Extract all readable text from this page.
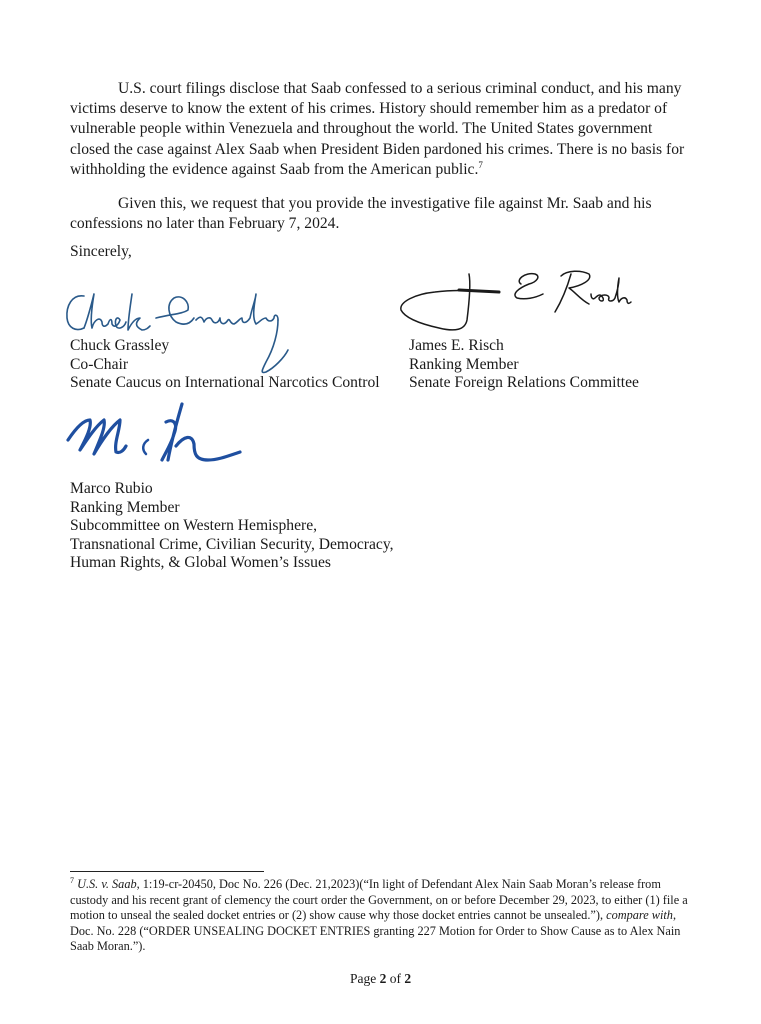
U.S. court filings disclose that Saab confessed to a serious criminal conduct, and his many victims deserve to know the extent of his crimes. History should remember him as a predator of vulnerable people within Venezuela and throughout the world. The United States government closed the case against Alex Saab when President Biden pardoned his crimes. There is no basis for withholding the evidence against Saab from the American public.$^7$

Given this, we request that you provide the investigative file against Mr. Saab and his confessions no later than February 7, 2024.

Sincerely,

Chuck Grassley
Co-Chair
Senate Caucus on International Narcotics Control
James E. Risch
Ranking Member
Senate Foreign Relations Committee
Marco Rubio
Ranking Member
Subcommittee on Western Hemisphere,
Transnational Crime, Civilian Security, Democracy,
Human Rights, & Global Women’s Issues
$^7$ U.S. v. Saab, 1:19-cr-20450, Doc No. 226 (Dec. 21,2023)(“In light of Defendant Alex Nain Saab Moran’s release from custody and his recent grant of clemency the court order the Government, on or before December 29, 2023, to either (1) file a motion to unseal the sealed docket entries or (2) show cause why those docket entries cannot be unsealed.”), compare with, Doc. No. 228 (“ORDER UNSEALING DOCKET ENTRIES granting 227 Motion for Order to Show Cause as to Alex Nain Saab Moran.”).
Page 2 of 2
